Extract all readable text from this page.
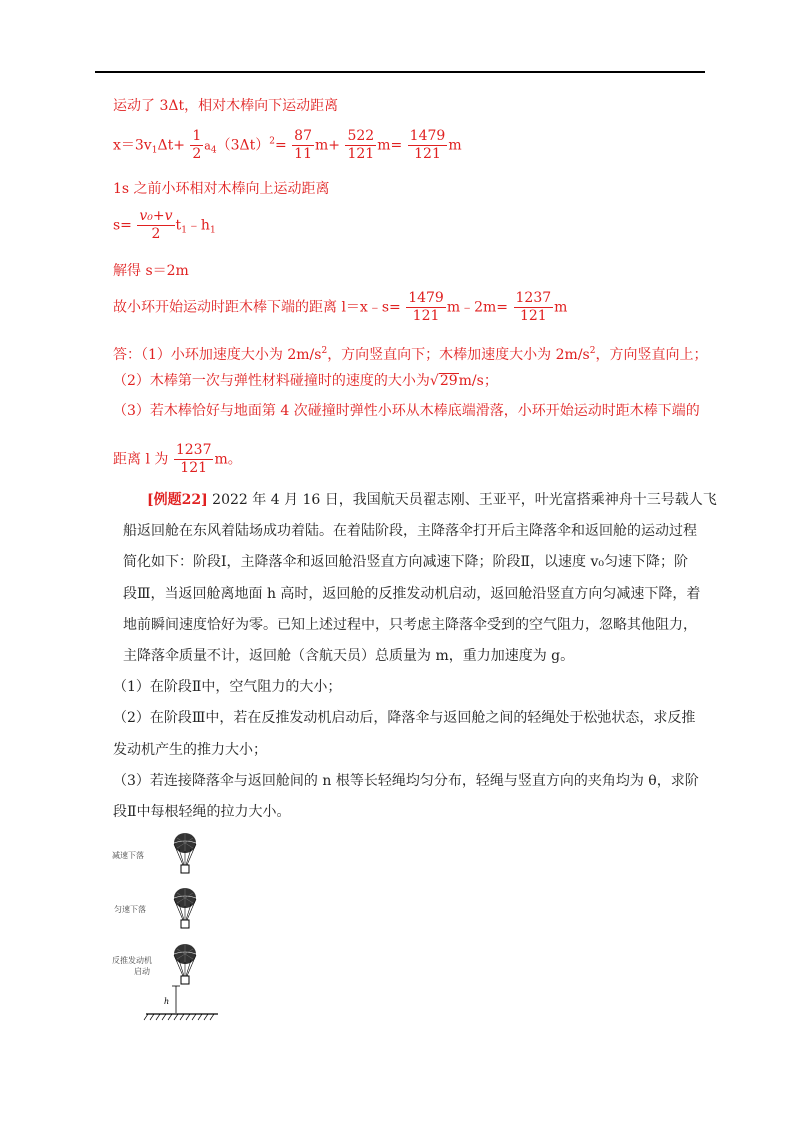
运动了 3Δt，相对木棒向下运动距离
$x=3v_1\Delta t+ \frac{1}{2} a_4(3\Delta t)^2= \frac{87}{11} m+ \frac{522}{121} m= \frac{1479}{121}$ m
1s 之前小环相对木棒向上运动距离
$s= \frac{\text{v₀+v}}{2}$ $t_1﹣h_1$
解得 s＝2m
故小环开始运动时距木棒下端的距离 l＝x﹣s= $\frac{1479}{121}$ m﹣2m= $\frac{1237}{121}$ m
答：（1）小环加速度大小为 $2m/s^2$，方向竖直向下；木棒加速度大小为 $2m/s^2$，方向竖直向上；
（2）木棒第一次与弹性材料碰撞时的速度的大小为√29m/s；
（3）若木棒恰好与地面第 4 次碰撞时弹性小环从木棒底端滑落，小环开始运动时距木棒下端的
距离 l 为 $\frac{1237}{121}$ m。
[例题22] 2022 年 4 月 16 日，我国航天员翟志刚、王亚平，叶光富搭乘神舟十三号载人飞
船返回舱在东风着陆场成功着陆。在着陆阶段，主降落伞打开后主降落伞和返回舱的运动过程
简化如下：阶段Ⅰ，主降落伞和返回舱沿竖直方向减速下降；阶段Ⅱ，以速度 v₀匀速下降；阶
段Ⅲ，当返回舱离地面 h 高时，返回舱的反推发动机启动，返回舱沿竖直方向匀减速下降，着
地前瞬间速度恰好为零。已知上述过程中，只考虑主降落伞受到的空气阻力，忽略其他阻力，
主降落伞质量不计，返回舱（含航天员）总质量为 m，重力加速度为 g。
（1）在阶段Ⅱ中，空气阻力的大小；
（2）在阶段Ⅲ中，若在反推发动机启动后，降落伞与返回舱之间的轻绳处于松弛状态，求反推
发动机产生的推力大小；
（3）若连接降落伞与返回舱间的 n 根等长轻绳均匀分布，轻绳与竖直方向的夹角均为 θ，求阶
段Ⅱ中每根轻绳的拉力大小。
减速下落
匀速下落
反推发动机
启动
h
